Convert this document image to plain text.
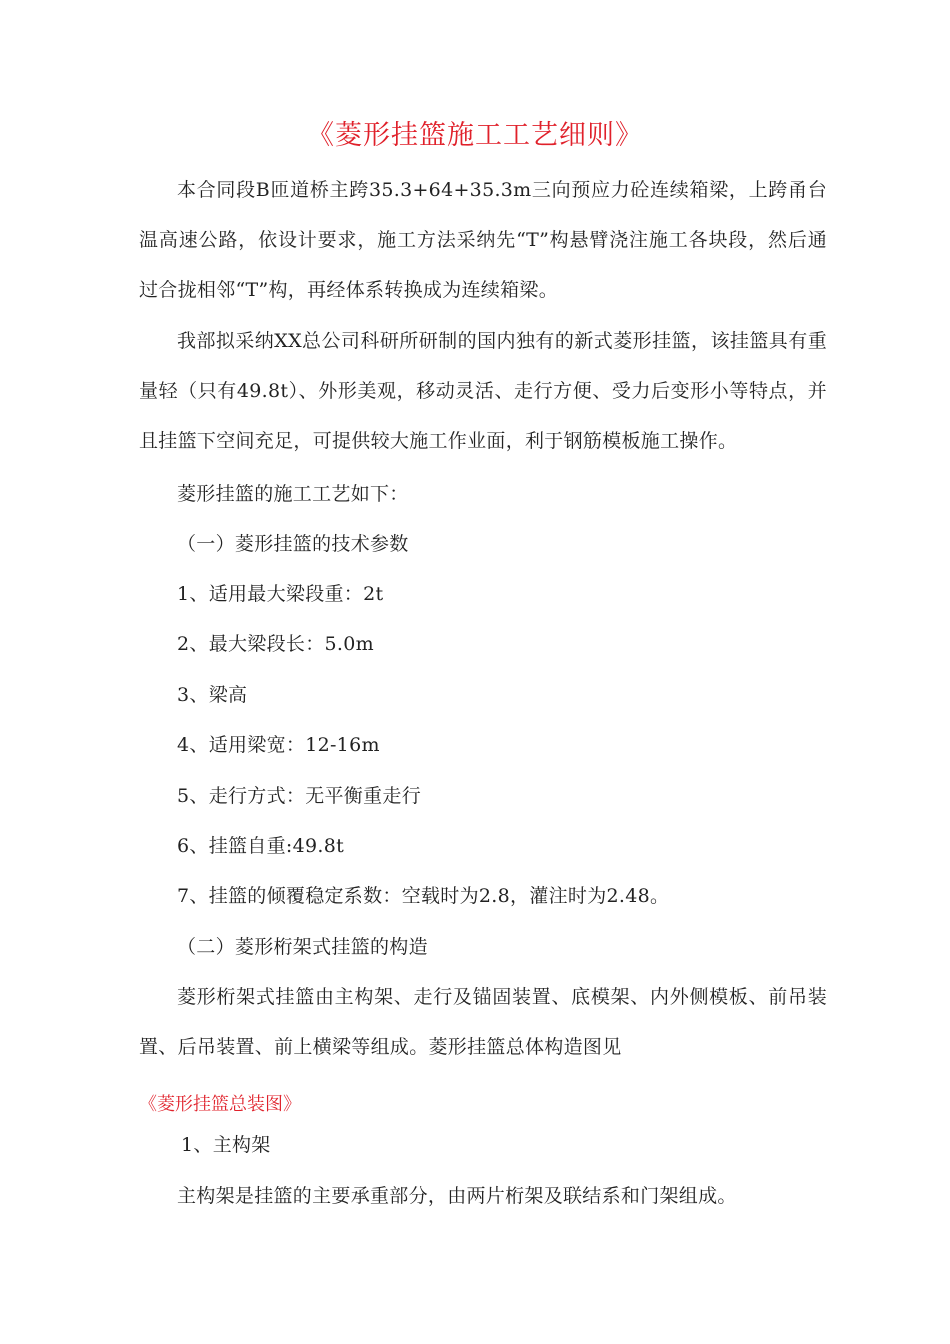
《菱形挂篮施工工艺细则》
本合同段B匝道桥主跨35.3+64+35.3m三向预应力砼连续箱梁，上跨甬台温高速公路，依设计要求，施工方法采纳先“T”构悬臂浇注施工各块段，然后通过合拢相邻“T”构，再经体系转换成为连续箱梁。
我部拟采纳XX总公司科研所研制的国内独有的新式菱形挂篮，该挂篮具有重量轻（只有49.8t）、外形美观，移动灵活、走行方便、受力后变形小等特点，并且挂篮下空间充足，可提供较大施工作业面，利于钢筋模板施工操作。
菱形挂篮的施工工艺如下：
（一）菱形挂篮的技术参数
1、适用最大梁段重：2t
2、最大梁段长：5.0m
3、梁高
4、适用梁宽：12-16m
5、走行方式：无平衡重走行
6、挂篮自重:49.8t
7、挂篮的倾覆稳定系数：空载时为2.8，灌注时为2.48。
（二）菱形桁架式挂篮的构造
菱形桁架式挂篮由主构架、走行及锚固装置、底模架、内外侧模板、前吊装置、后吊装置、前上横梁等组成。菱形挂篮总体构造图见
《菱形挂篮总装图》
1、主构架
主构架是挂篮的主要承重部分，由两片桁架及联结系和门架组成。
